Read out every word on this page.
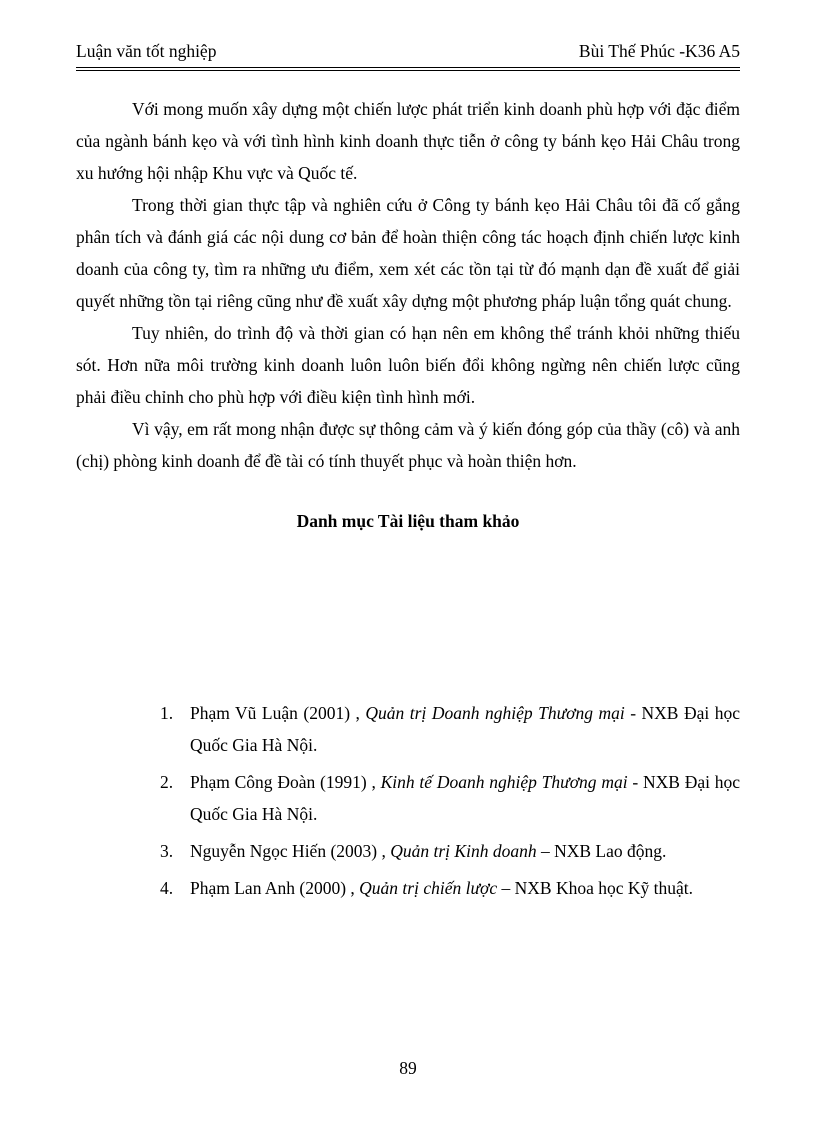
Luận văn tốt nghiệp	Bùi Thế Phúc -K36 A5

Với mong muốn xây dựng một chiến lược phát triển kinh doanh phù hợp với đặc điểm của ngành bánh kẹo và với tình hình kinh doanh thực tiễn ở công ty bánh kẹo Hải Châu trong xu hướng hội nhập Khu vực và Quốc tế.

Trong thời gian thực tập và nghiên cứu ở Công ty bánh kẹo Hải Châu tôi đã cố gắng phân tích và đánh giá các nội dung cơ bản để hoàn thiện công tác hoạch định chiến lược kinh doanh của công ty, tìm ra những ưu điểm, xem xét các tồn tại từ đó mạnh dạn đề xuất để giải quyết những tồn tại riêng cũng như đề xuất xây dựng một phương pháp luận tổng quát chung.

Tuy nhiên, do trình độ và thời gian có hạn nên em không thể tránh khỏi những thiếu sót. Hơn nữa môi trường kinh doanh luôn luôn biến đổi không ngừng nên chiến lược cũng phải điều chỉnh cho phù hợp với điều kiện tình hình mới.

Vì vậy, em rất mong nhận được sự thông cảm và ý kiến đóng góp của thầy (cô) và anh (chị) phòng kinh doanh để đề tài có tính thuyết phục và hoàn thiện hơn.

Danh mục Tài liệu tham khảo

1. Phạm Vũ Luận (2001) , Quản trị Doanh nghiệp Thương mại - NXB Đại học Quốc Gia Hà Nội.
2. Phạm Công Đoàn (1991) , Kinh tế Doanh nghiệp Thương mại - NXB Đại học Quốc Gia Hà Nội.
3. Nguyễn Ngọc Hiến (2003) , Quản trị Kinh doanh – NXB Lao động.
4. Phạm Lan Anh (2000) , Quản trị chiến lược – NXB Khoa học Kỹ thuật.
89
